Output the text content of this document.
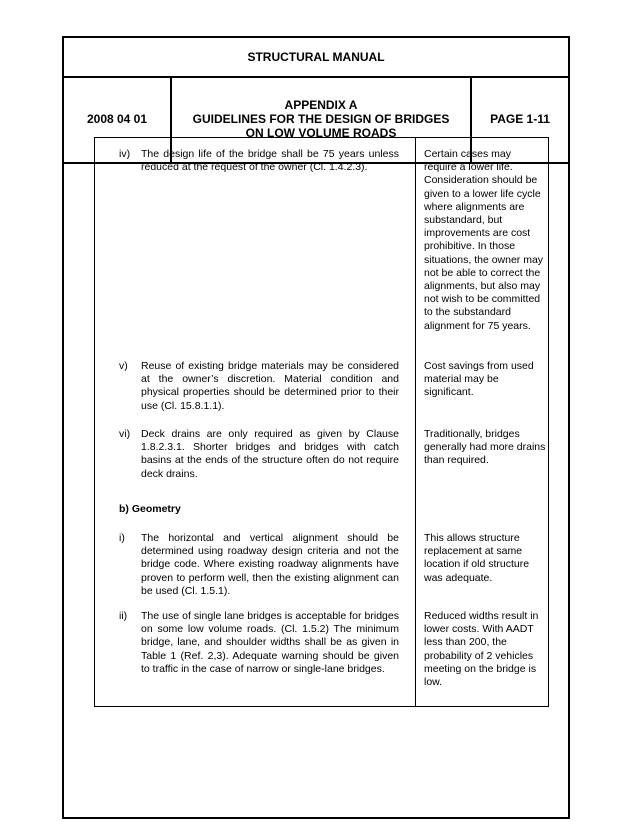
STRUCTURAL MANUAL
2008 04 01
APPENDIX A
GUIDELINES FOR THE DESIGN OF BRIDGES
ON LOW VOLUME ROADS
PAGE 1-11
iv) The design life of the bridge shall be 75 years unless reduced at the request of the owner (Cl. 1.4.2.3).
Certain cases may require a lower life. Consideration should be given to a lower life cycle where alignments are substandard, but improvements are cost prohibitive. In those situations, the owner may not be able to correct the alignments, but also may not wish to be committed to the substandard alignment for 75 years.
v) Reuse of existing bridge materials may be considered at the owner’s discretion. Material condition and physical properties should be determined prior to their use (Cl. 15.8.1.1).
Cost savings from used material may be significant.
vi) Deck drains are only required as given by Clause 1.8.2.3.1. Shorter bridges and bridges with catch basins at the ends of the structure often do not require deck drains.
Traditionally, bridges generally had more drains than required.
b) Geometry
i) The horizontal and vertical alignment should be determined using roadway design criteria and not the bridge code. Where existing roadway alignments have proven to perform well, then the existing alignment can be used (Cl. 1.5.1).
This allows structure replacement at same location if old structure was adequate.
ii) The use of single lane bridges is acceptable for bridges on some low volume roads. (Cl. 1.5.2) The minimum bridge, lane, and shoulder widths shall be as given in Table 1 (Ref. 2,3). Adequate warning should be given to traffic in the case of narrow or single-lane bridges.
Reduced widths result in lower costs. With AADT less than 200, the probability of 2 vehicles meeting on the bridge is low.
